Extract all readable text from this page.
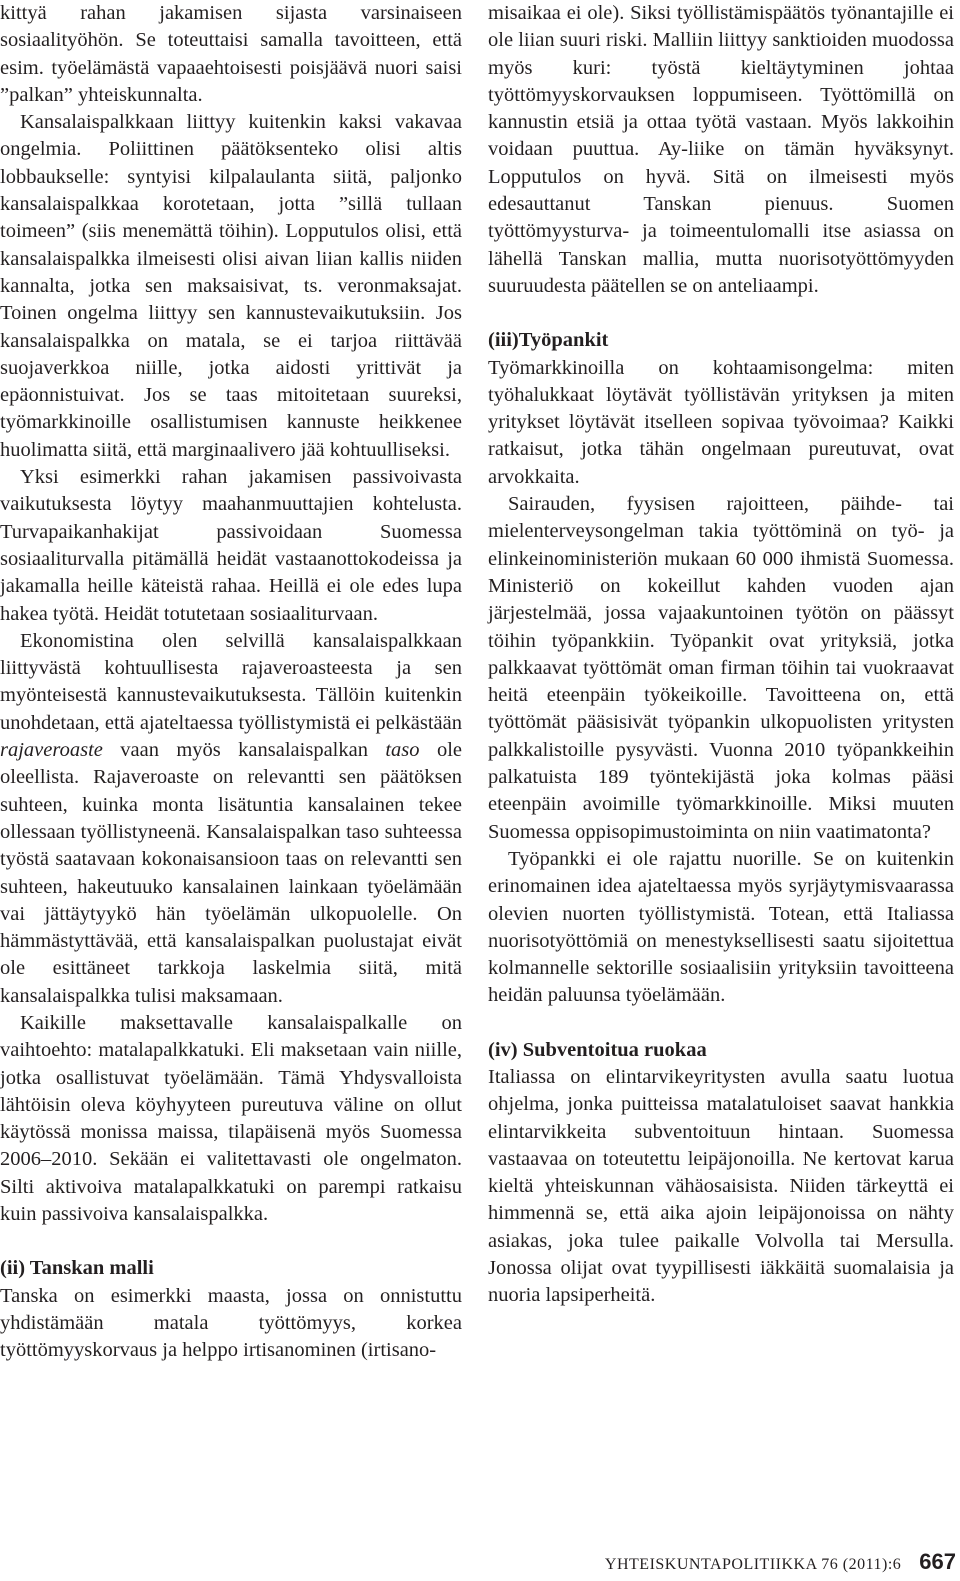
kittyä rahan jakamisen sijasta varsinaiseen sosiaalityöhön. Se toteuttaisi samalla tavoitteen, että esim. työelämästä vapaaehtoisesti poisjäävä nuori saisi ”palkan” yhteiskunnalta.

Kansalaispalkkaan liittyy kuitenkin kaksi vakavaa ongelmia. Poliittinen päätöksenteko olisi altis lobbaukselle: syntyisi kilpalaulanta siitä, paljonko kansalaispalkkaa korotetaan, jotta ”sillä tullaan toimeen” (siis menemättä töihin). Lopputulos olisi, että kansalaispalkka ilmeisesti olisi aivan liian kallis niiden kannalta, jotka sen maksaisivat, ts. veronmaksajat. Toinen ongelma liittyy sen kannustevaikutuksiin. Jos kansalaispalkka on matala, se ei tarjoa riittävää suojaverkkoa niille, jotka aidosti yrittivät ja epäonnistuivat. Jos se taas mitoitetaan suureksi, työmarkkinoille osallistumisen kannuste heikkenee huolimatta siitä, että marginaalivero jää kohtuulliseksi.

Yksi esimerkki rahan jakamisen passivoivasta vaikutuksesta löytyy maahanmuuttajien kohtelusta. Turvapaikanhakijat passivoidaan Suomessa sosiaaliturvalla pitämällä heidät vastaanottokodeissa ja jakamalla heille käteistä rahaa. Heillä ei ole edes lupa hakea työtä. Heidät totutetaan sosiaaliturvaan.

Ekonomistina olen selvillä kansalaispalkkaan liittyvästä kohtuullisesta rajaveroasteesta ja sen myönteisestä kannustevaikutuksesta. Tällöin kuitenkin unohdetaan, että ajateltaessa työllistymistä ei pelkästään rajaveroaste vaan myös kansalaispalkan taso ole oleellista. Rajaveroaste on relevantti sen päätöksen suhteen, kuinka monta lisätuntia kansalainen tekee ollessaan työllistyneenä. Kansalaispalkan taso suhteessa työstä saatavaan kokonaisansioon taas on relevantti sen suhteen, hakeutuuko kansalainen lainkaan työelämään vai jättäytyykö hän työelämän ulkopuolelle. On hämmästyttävää, että kansalaispalkan puolustajat eivät ole esittäneet tarkkoja laskelmia siitä, mitä kansalaispalkka tulisi maksamaan.

Kaikille maksettavalle kansalaispalkalle on vaihtoehto: matalapalkkatuki. Eli maksetaan vain niille, jotka osallistuvat työelämään. Tämä Yhdysvalloista lähtöisin oleva köyhyyteen pureutuva väline on ollut käytössä monissa maissa, tilapäisenä myös Suomessa 2006–2010. Sekään ei valitettavasti ole ongelmaton. Silti aktivoiva matalapalkkatuki on parempi ratkaisu kuin passivoiva kansalaispalkka.

(ii) Tanskan malli

Tanska on esimerkki maasta, jossa on onnistuttu yhdistämään matala työttömyys, korkea työttömyyskorvaus ja helppo irtisanominen (irtisano-

misaikaa ei ole). Siksi työllistämispäätös työnantajille ei ole liian suuri riski. Malliin liittyy sanktioiden muodossa myös kuri: työstä kieltäytyminen johtaa työttömyyskorvauksen loppumiseen. Työttömillä on kannustin etsiä ja ottaa työtä vastaan. Myös lakkoihin voidaan puuttua. Ay-liike on tämän hyväksynyt. Lopputulos on hyvä. Sitä on ilmeisesti myös edesauttanut Tanskan pienuus. Suomen työttömyysturva- ja toimeentulomalli itse asiassa on lähellä Tanskan mallia, mutta nuorisotyöttömyyden suuruudesta päätellen se on anteliaampi.

(iii)Työpankit

Työmarkkinoilla on kohtaamisongelma: miten työhalukkaat löytävät työllistävän yrityksen ja miten yritykset löytävät itselleen sopivaa työvoimaa? Kaikki ratkaisut, jotka tähän ongelmaan pureutuvat, ovat arvokkaita.

Sairauden, fyysisen rajoitteen, päihde- tai mielenterveysongelman takia työttöminä on työ- ja elinkeinoministeriön mukaan 60 000 ihmistä Suomessa. Ministeriö on kokeillut kahden vuoden ajan järjestelmää, jossa vajaakuntoinen työtön on päässyt töihin työpankkiin. Työpankit ovat yrityksiä, jotka palkkaavat työttömät oman firman töihin tai vuokraavat heitä eteenpäin työkeikoille. Tavoitteena on, että työttömät pääsisivät työpankin ulkopuolisten yritysten palkkalistoille pysyvästi. Vuonna 2010 työpankkeihin palkatuista 189 työntekijästä joka kolmas pääsi eteenpäin avoimille työmarkkinoille. Miksi muuten Suomessa oppisopimustoiminta on niin vaatimatonta?

Työpankki ei ole rajattu nuorille. Se on kuitenkin erinomainen idea ajateltaessa myös syrjäytymisvaarassa olevien nuorten työllistymistä. Totean, että Italiassa nuorisotyöttömiä on menestyksellisesti saatu sijoitettua kolmannelle sektorille sosiaalisiin yrityksiin tavoitteena heidän paluunsa työelämään.

(iv) Subventoitua ruokaa

Italiassa on elintarvikeyritysten avulla saatu luotua ohjelma, jonka puitteissa matalatuloiset saavat hankkia elintarvikkeita subventoituun hintaan. Suomessa vastaavaa on toteutettu leipäjonoilla. Ne kertovat karua kieltä yhteiskunnan vähäosaisista. Niiden tärkeyttä ei himmennä se, että aika ajoin leipäjonoissa on nähty asiakas, joka tulee paikalle Volvolla tai Mersulla. Jonossa olijat ovat tyypillisesti iäkkäitä suomalaisia ja nuoria lapsiperheitä.

YHTEISKUNTAPOLITIIKKA 76 (2011):6 667
